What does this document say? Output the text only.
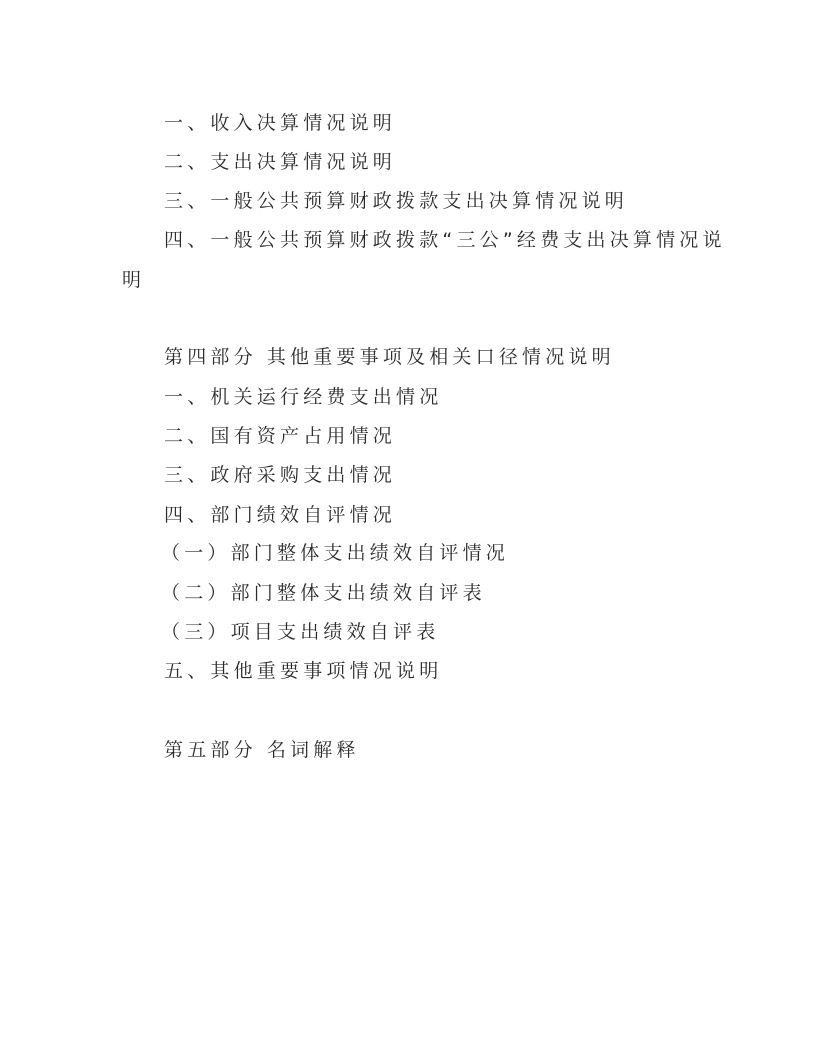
一、收入决算情况说明
二、支出决算情况说明
三、一般公共预算财政拨款支出决算情况说明
四、一般公共预算财政拨款“三公”经费支出决算情况说
明
第四部分 其他重要事项及相关口径情况说明
一、机关运行经费支出情况
二、国有资产占用情况
三、政府采购支出情况
四、部门绩效自评情况
（一）部门整体支出绩效自评情况
（二）部门整体支出绩效自评表
（三）项目支出绩效自评表
五、其他重要事项情况说明
第五部分 名词解释
